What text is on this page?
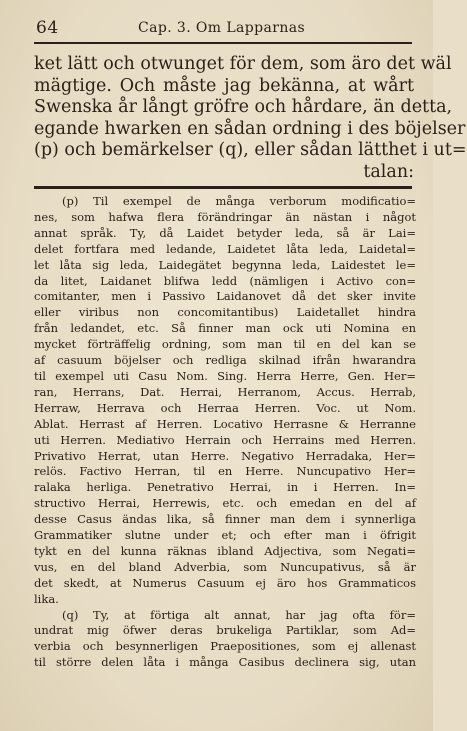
64	Cap. 3. Om Lapparnas
ket lätt och otwunget för dem, som äro det wäl
mägtige. Och måste jag bekänna, at wårt
Swenska år långt gröfre och hårdare, än detta,
egande hwarken en sådan ordning i des böjelser
(p) och bemärkelser (q), eller sådan lätthet i ut=
talan:
(p) Til exempel de många verborum modificatio=
nes, som hafwa flera förändringar än nästan i något
annat språk. Ty, då Laidet betyder leda, så är Lai=
delet fortfara med ledande, Laidetet låta leda, Laidetal=
let låta sig leda, Laidegätet begynna leda, Laidestet le=
da litet, Laidanet blifwa ledd (nämligen i Activo con=
comitanter, men i Passivo Laidanovet då det sker invite
eller viribus non concomitantibus) Laidetallet hindra
från ledandet, etc. Så finner man ock uti Nomina en
mycket förträffelig ordning, som man til en del kan se
af casuum böjelser och redliga skilnad ifrån hwarandra
til exempel uti Casu Nom. Sing. Herra Herre, Gen. Her=
ran, Herrans, Dat. Herrai, Herranom, Accus. Herrab,
Herraw, Herrava och Herraa Herren. Voc. ut Nom.
Ablat. Herrast af Herren. Locativo Herrasne & Herranne
uti Herren. Mediativo Herrain och Herrains med Herren.
Privativo Herrat, utan Herre. Negativo Herradaka, Her=
relös. Factivo Herran, til en Herre. Nuncupativo Her=
ralaka herliga. Penetrativo Herrai, in i Herren. In=
structivo Herrai, Herrewis, etc. och emedan en del af
desse Casus ändas lika, så finner man dem i synnerliga
Grammatiker slutne under et; och efter man i öfrigit
tykt en del kunna räknas ibland Adjectiva, som Negati=
vus, en del bland Adverbia, som Nuncupativus, så är
det skedt, at Numerus Casuum ej äro hos Grammaticos
lika.
(q) Ty, at förtiga alt annat, har jag ofta för=
undrat mig öfwer deras brukeliga Partiklar, som Ad=
verbia och besynnerligen Praepositiones, som ej allenast
til större delen låta i många Casibus declinera sig, utan
